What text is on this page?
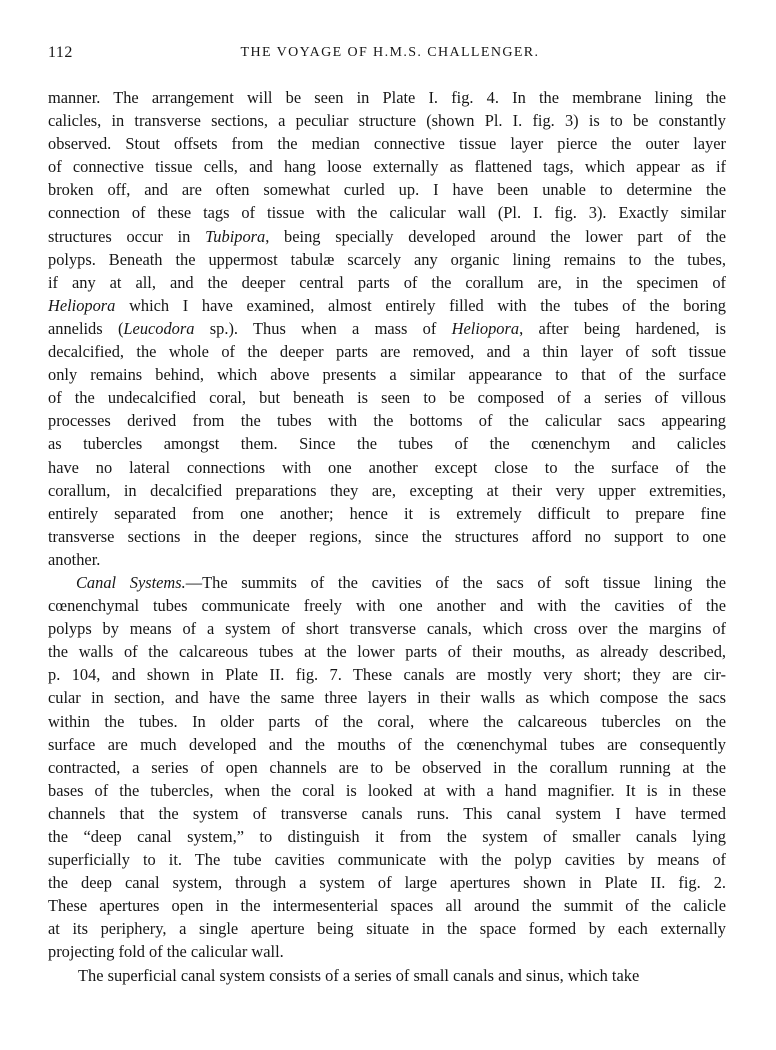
112	THE VOYAGE OF H.M.S. CHALLENGER.
manner. The arrangement will be seen in Plate I. fig. 4. In the membrane lining the
calicles, in transverse sections, a peculiar structure (shown Pl. I. fig. 3) is to be constantly
observed. Stout offsets from the median connective tissue layer pierce the outer layer
of connective tissue cells, and hang loose externally as flattened tags, which appear as if
broken off, and are often somewhat curled up. I have been unable to determine the
connection of these tags of tissue with the calicular wall (Pl. I. fig. 3). Exactly similar
structures occur in Tubipora, being specially developed around the lower part of the
polyps. Beneath the uppermost tabulæ scarcely any organic lining remains to the tubes,
if any at all, and the deeper central parts of the corallum are, in the specimen of
Heliopora which I have examined, almost entirely filled with the tubes of the boring
annelids (Leucodora sp.). Thus when a mass of Heliopora, after being hardened, is
decalcified, the whole of the deeper parts are removed, and a thin layer of soft tissue
only remains behind, which above presents a similar appearance to that of the surface
of the undecalcified coral, but beneath is seen to be composed of a series of villous
processes derived from the tubes with the bottoms of the calicular sacs appearing
as tubercles amongst them. Since the tubes of the cœnenchym and calicles
have no lateral connections with one another except close to the surface of the
corallum, in decalcified preparations they are, excepting at their very upper extremities,
entirely separated from one another; hence it is extremely difficult to prepare fine
transverse sections in the deeper regions, since the structures afford no support to one
another.
Canal Systems.—The summits of the cavities of the sacs of soft tissue lining the
cœnenchymal tubes communicate freely with one another and with the cavities of the
polyps by means of a system of short transverse canals, which cross over the margins of
the walls of the calcareous tubes at the lower parts of their mouths, as already described,
p. 104, and shown in Plate II. fig. 7. These canals are mostly very short; they are cir-
cular in section, and have the same three layers in their walls as which compose the sacs
within the tubes. In older parts of the coral, where the calcareous tubercles on the
surface are much developed and the mouths of the cœnenchymal tubes are consequently
contracted, a series of open channels are to be observed in the corallum running at the
bases of the tubercles, when the coral is looked at with a hand magnifier. It is in these
channels that the system of transverse canals runs. This canal system I have termed
the “deep canal system,” to distinguish it from the system of smaller canals lying
superficially to it. The tube cavities communicate with the polyp cavities by means of
the deep canal system, through a system of large apertures shown in Plate II. fig. 2.
These apertures open in the intermesenterial spaces all around the summit of the calicle
at its periphery, a single aperture being situate in the space formed by each externally
projecting fold of the calicular wall.
The superficial canal system consists of a series of small canals and sinus, which take
